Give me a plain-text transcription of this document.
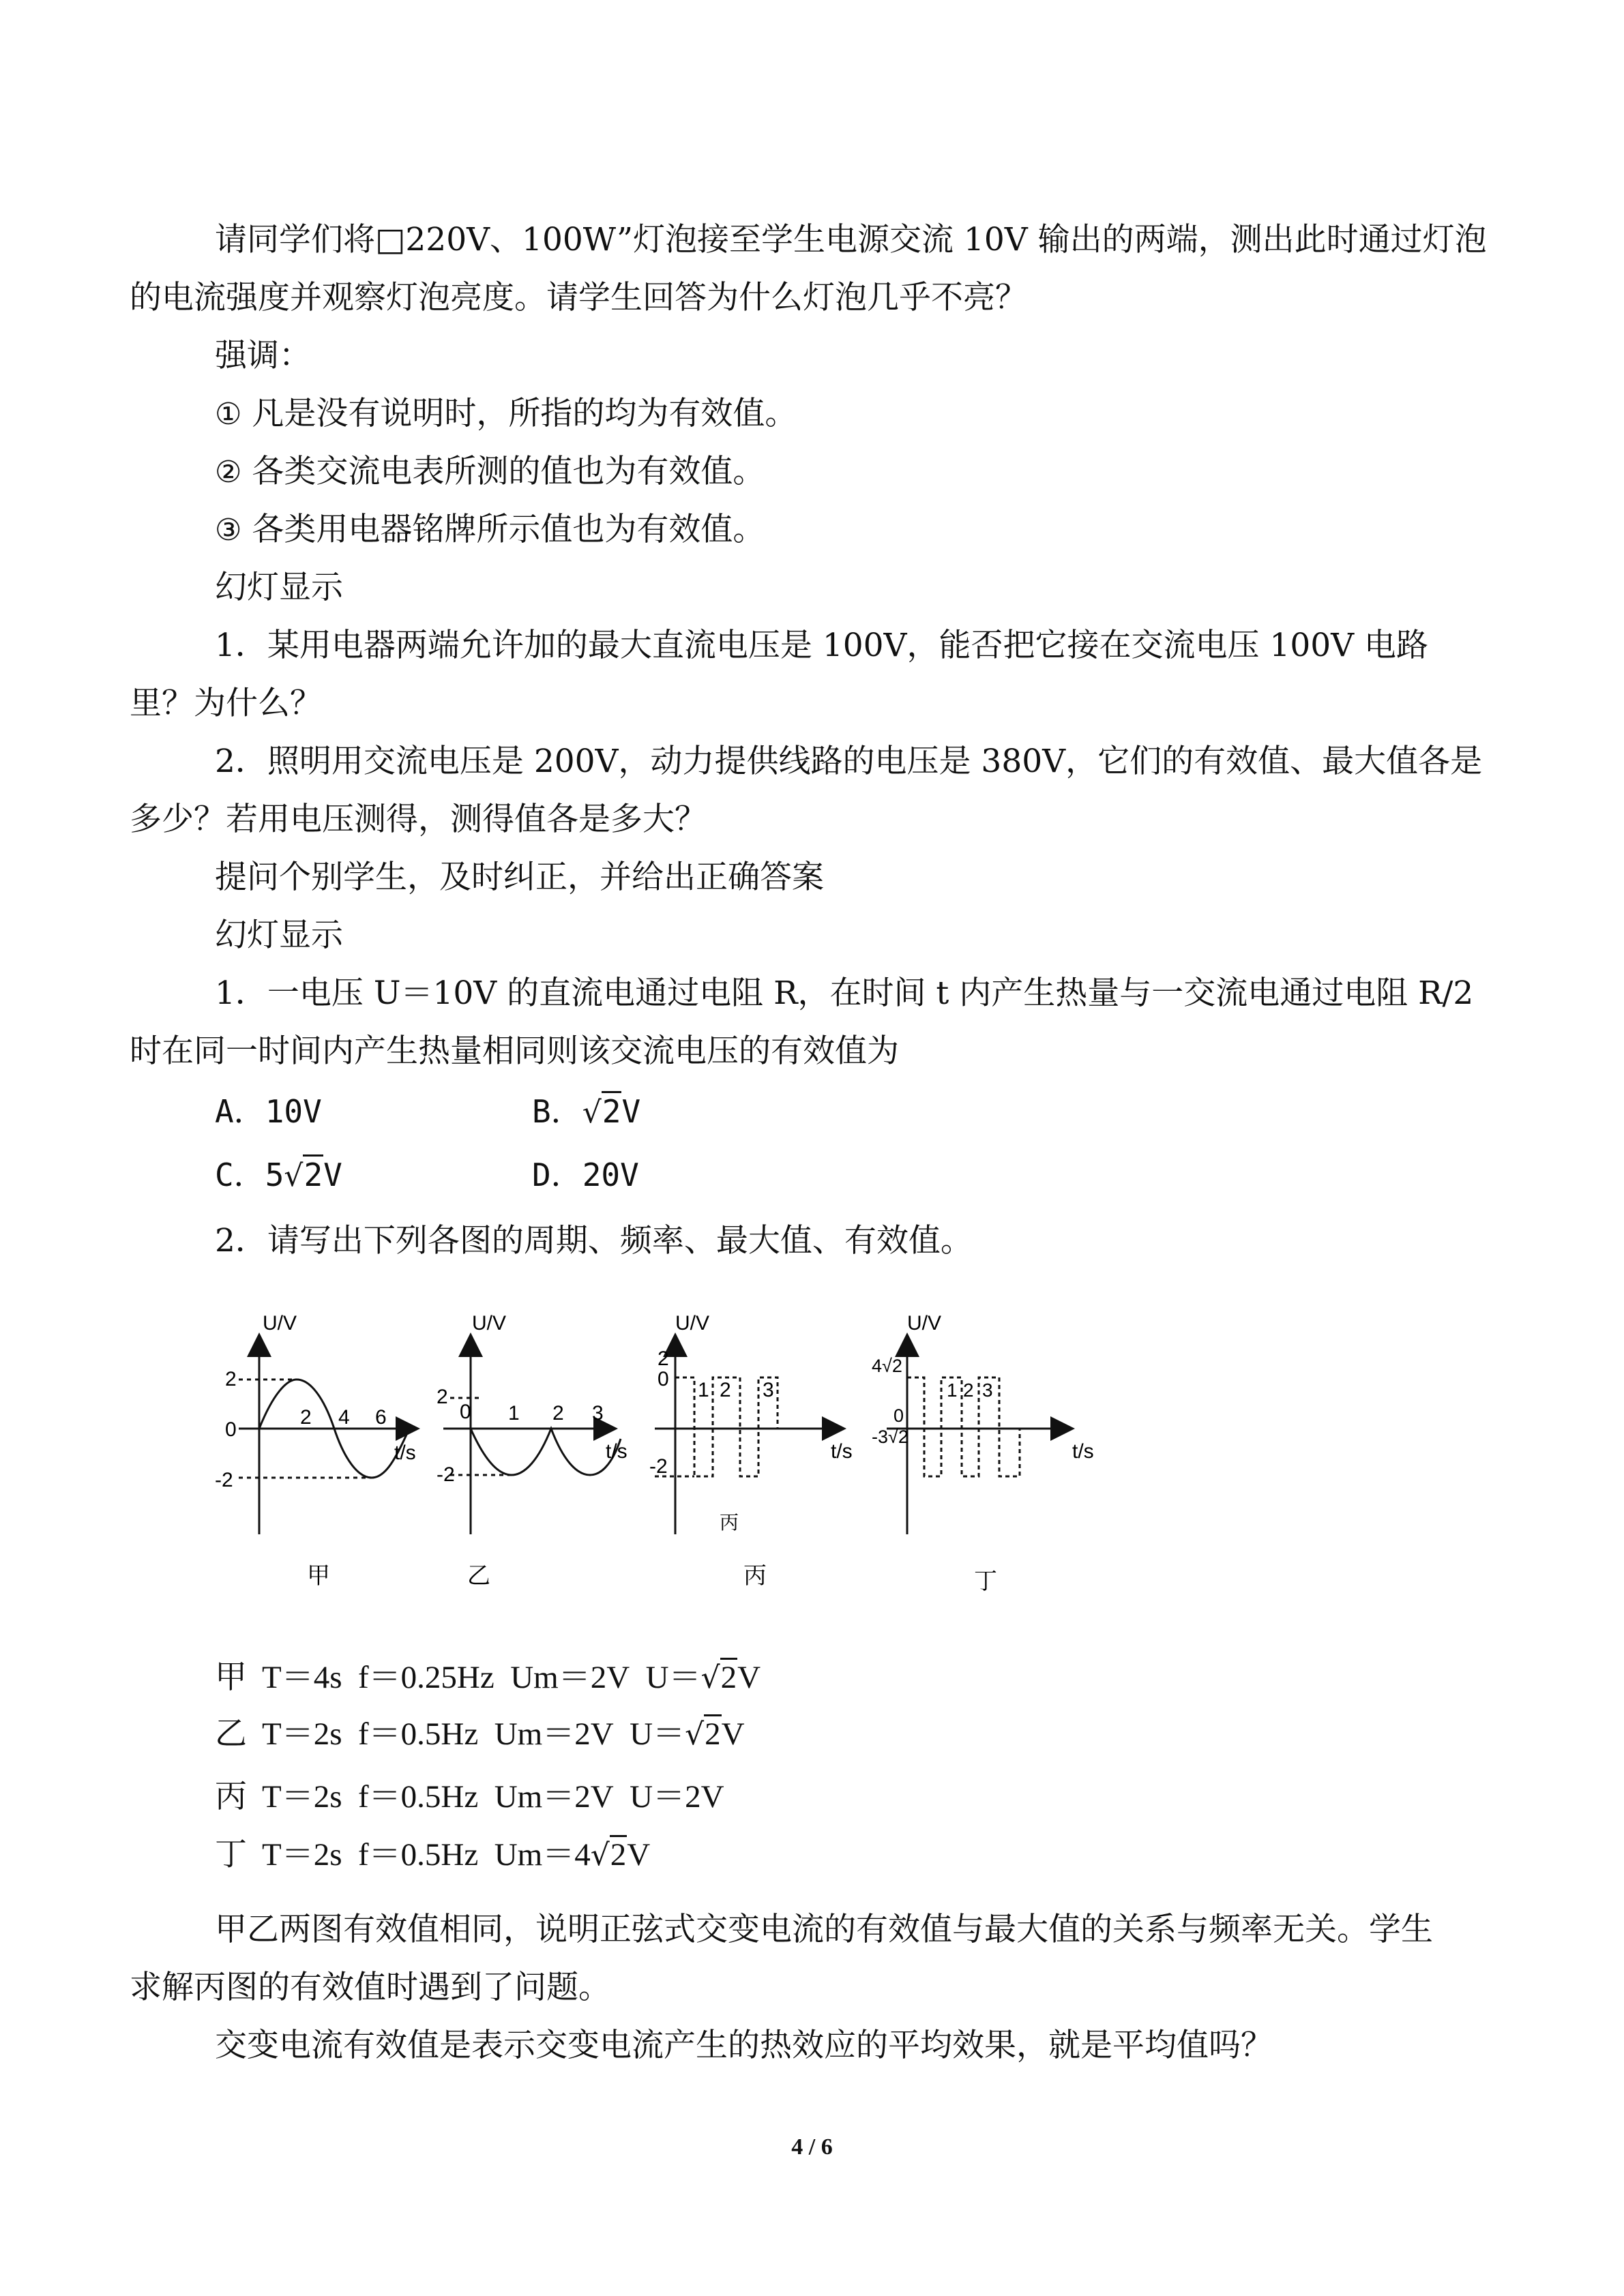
请同学们将□220V、100W”灯泡接至学生电源交流 10V 输出的两端，测出此时通过灯泡
的电流强度并观察灯泡亮度。请学生回答为什么灯泡几乎不亮？
强调：
① 凡是没有说明时，所指的均为有效值。
② 各类交流电表所测的值也为有效值。
③ 各类用电器铭牌所示值也为有效值。
幻灯显示
1．某用电器两端允许加的最大直流电压是 100V，能否把它接在交流电压 100V 电路
里？为什么？
2．照明用交流电压是 200V，动力提供线路的电压是 380V，它们的有效值、最大值各是
多少？若用电压测得，测得值各是多大？
提问个别学生，及时纠正，并给出正确答案
幻灯显示
1．一电压 U＝10V 的直流电通过电阻 R，在时间 t 内产生热量与一交流电通过电阻 R/2
时在同一时间内产生热量相同则该交流电压的有效值为
A．10V	B．√2V
C．5√2V	D．20V
2．请写出下列各图的周期、频率、最大值、有效值。
U/V
2
0
-2
2 4 6
t/s
甲
U/V
2
0
-2
1 2 3
t/s
乙
U/V
2
0
-2
1 2 3
t/s
丙
丙
U/V
4√2
0
-3√2
1 2 3
t/s
丁
甲 T＝4s f＝0.25Hz Um＝2V U＝√2V
乙 T＝2s f＝0.5Hz Um＝2V U＝√2V
丙 T＝2s f＝0.5Hz Um＝2V U＝2V
丁 T＝2s f＝0.5Hz Um＝4√2V
甲乙两图有效值相同，说明正弦式交变电流的有效值与最大值的关系与频率无关。学生
求解丙图的有效值时遇到了问题。
交变电流有效值是表示交变电流产生的热效应的平均效果，就是平均值吗？
4 / 6
